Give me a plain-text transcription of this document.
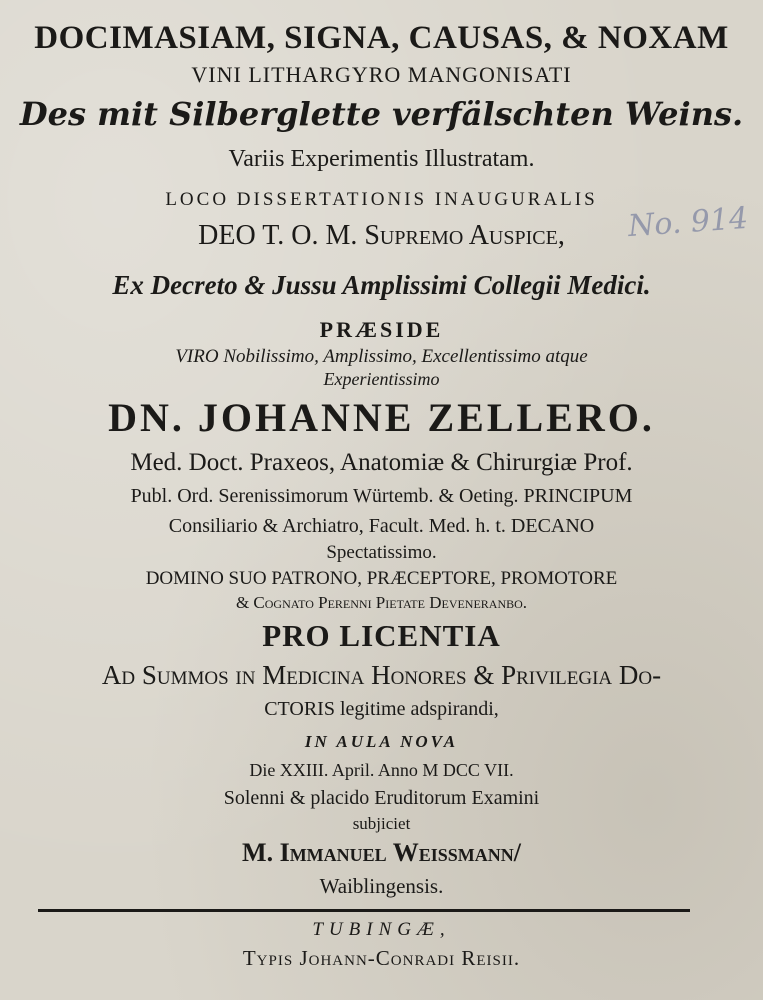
DOCIMASIAM, SIGNA, CAUSAS, & NOXAM
VINI LITHARGYRO MANGONISATI
Des mit Silberglette verfälschten Weins.
Variis Experimentis Illustratam.
LOCO DISSERTATIONIS INAUGURALIS
DEO T. O. M. Supremo Auspice,
Ex Decreto & Jussu Amplissimi Collegii Medici.
PRÆSIDE
VIRO Nobilissimo, Amplissimo, Excellentissimo atque
Experientissimo
DN. JOHANNE ZELLERO.
Med. Doct. Praxeos, Anatomiæ & Chirurgiæ Prof.
Publ. Ord. Serenissimorum Würtemb. & Oeting. PRINCIPUM
Consiliario & Archiatro, Facult. Med. h. t. DECANO
Spectatissimo.
DOMINO SUO PATRONO, PRÆCEPTORE, PROMOTORE
& Cognato Perenni Pietate Deveneranbo.
PRO LICENTIA
Ad Summos in Medicina Honores & Privilegia Do-
CTORIS legitime adspirandi,
IN AULA NOVA
Die XXIII. April. Anno M DCC VII.
Solenni & placido Eruditorum Examini
subjiciet
M. Immanuel Weißmann/
Waiblingensis.
TUBINGÆ,
Typis Johann-Conradi Reisii.
No. 914
